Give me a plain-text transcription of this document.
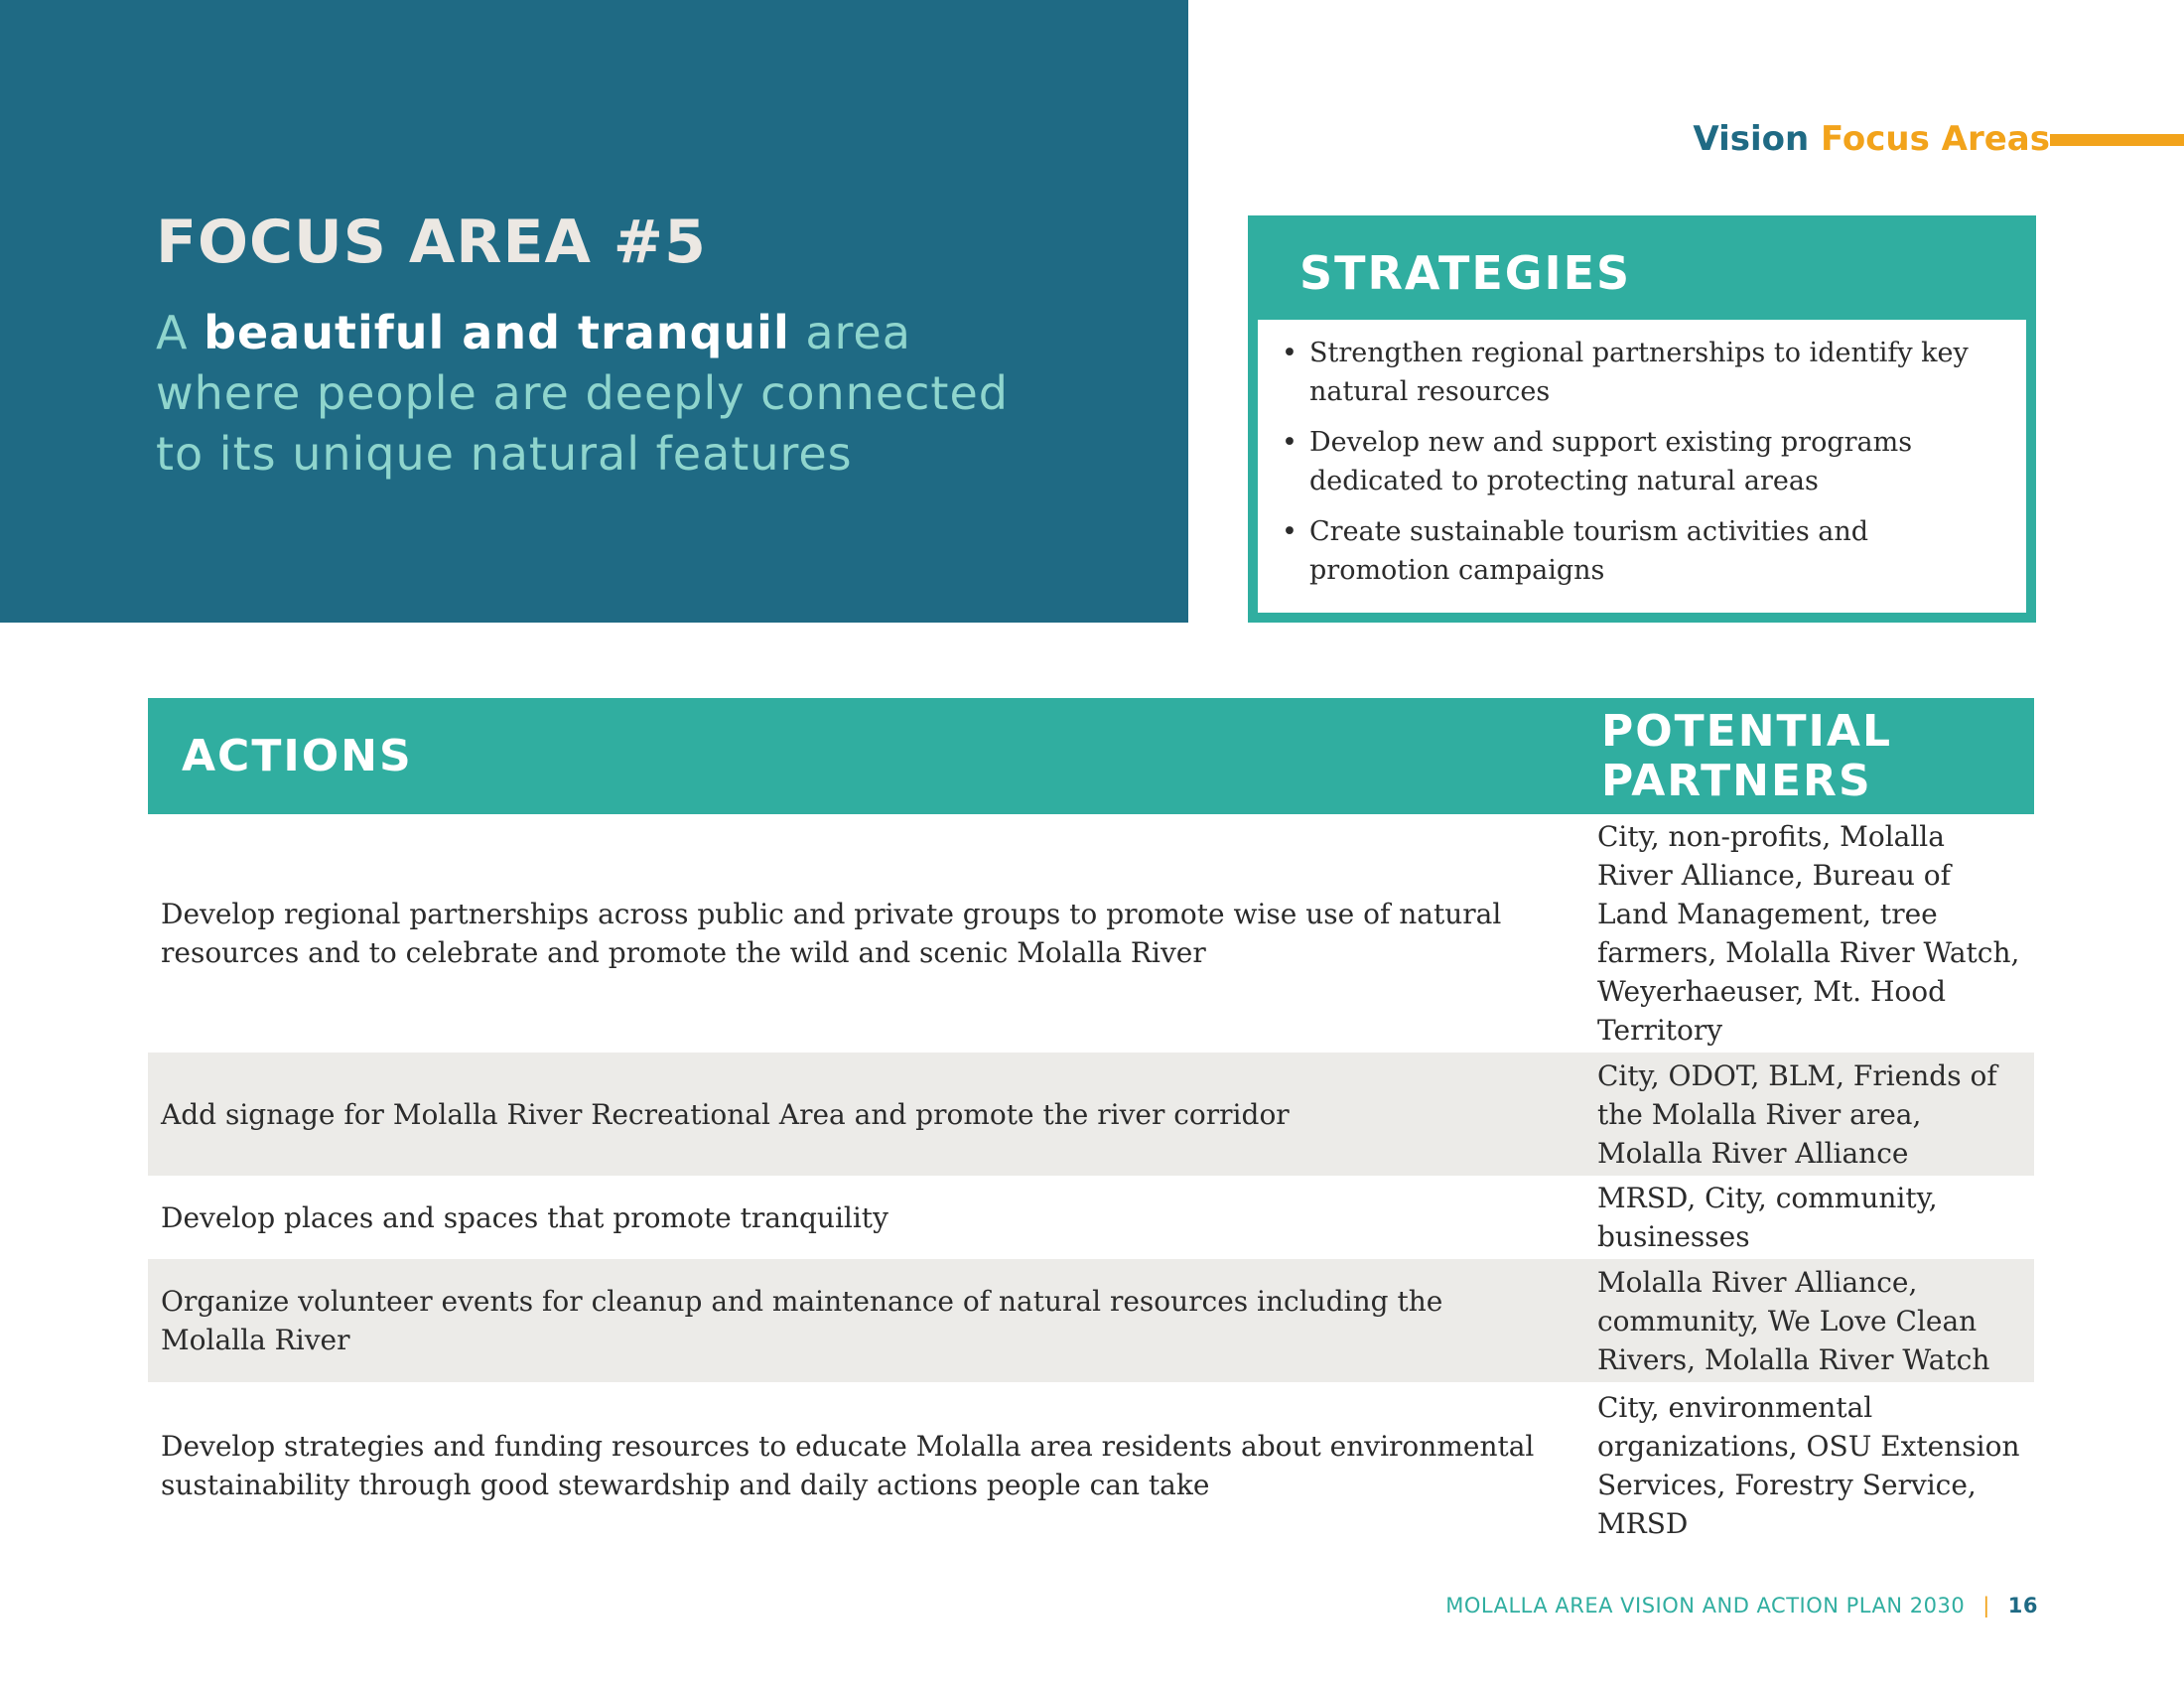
FOCUS AREA #5

A beautiful and tranquil area where people are deeply connected to its unique natural features

Vision Focus Areas
STRATEGIES
• Strengthen regional partnerships to identify key natural resources
• Develop new and support existing programs dedicated to protecting natural areas
• Create sustainable tourism activities and promotion campaigns
ACTIONS	POTENTIAL PARTNERS
Develop regional partnerships across public and private groups to promote wise use of natural resources and to celebrate and promote the wild and scenic Molalla River	City, non-profits, Molalla River Alliance, Bureau of Land Management, tree farmers, Molalla River Watch, Weyerhaeuser, Mt. Hood Territory
Add signage for Molalla River Recreational Area and promote the river corridor	City, ODOT, BLM, Friends of the Molalla River area, Molalla River Alliance
Develop places and spaces that promote tranquility	MRSD, City, community, businesses
Organize volunteer events for cleanup and maintenance of natural resources including the Molalla River	Molalla River Alliance, community, We Love Clean Rivers, Molalla River Watch
Develop strategies and funding resources to educate Molalla area residents about environmental sustainability through good stewardship and daily actions people can take	City, environmental organizations, OSU Extension Services, Forestry Service, MRSD
MOLALLA AREA VISION AND ACTION PLAN 2030 | 16
